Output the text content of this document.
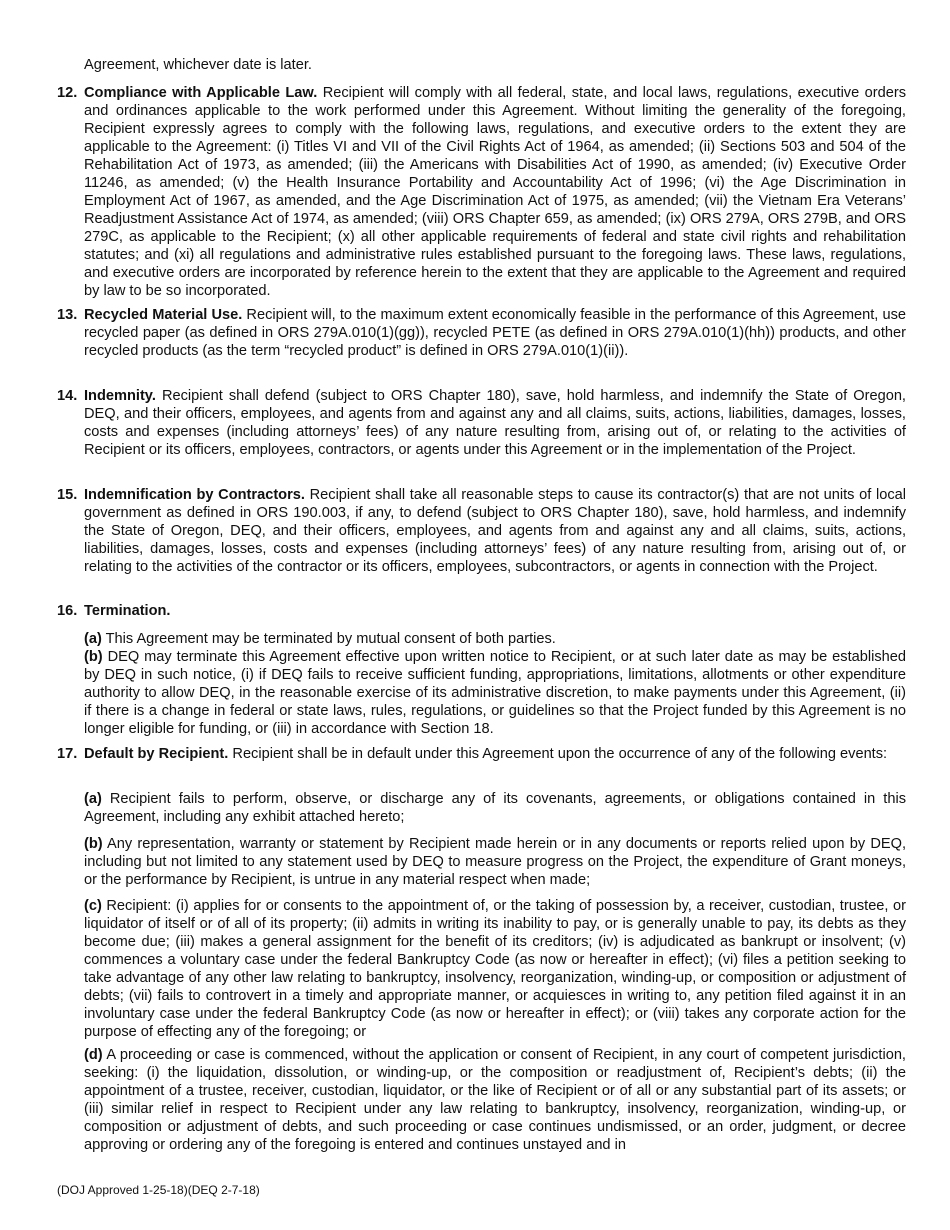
Agreement, whichever date is later.
12. Compliance with Applicable Law. Recipient will comply with all federal, state, and local laws, regulations, executive orders and ordinances applicable to the work performed under this Agreement. Without limiting the generality of the foregoing, Recipient expressly agrees to comply with the following laws, regulations, and executive orders to the extent they are applicable to the Agreement: (i) Titles VI and VII of the Civil Rights Act of 1964, as amended; (ii) Sections 503 and 504 of the Rehabilitation Act of 1973, as amended; (iii) the Americans with Disabilities Act of 1990, as amended; (iv) Executive Order 11246, as amended; (v) the Health Insurance Portability and Accountability Act of 1996; (vi) the Age Discrimination in Employment Act of 1967, as amended, and the Age Discrimination Act of 1975, as amended; (vii) the Vietnam Era Veterans’ Readjustment Assistance Act of 1974, as amended; (viii) ORS Chapter 659, as amended; (ix) ORS 279A, ORS 279B, and ORS 279C, as applicable to the Recipient; (x) all other applicable requirements of federal and state civil rights and rehabilitation statutes; and (xi) all regulations and administrative rules established pursuant to the foregoing laws. These laws, regulations, and executive orders are incorporated by reference herein to the extent that they are applicable to the Agreement and required by law to be so incorporated.
13. Recycled Material Use. Recipient will, to the maximum extent economically feasible in the performance of this Agreement, use recycled paper (as defined in ORS 279A.010(1)(gg)), recycled PETE (as defined in ORS 279A.010(1)(hh)) products, and other recycled products (as the term “recycled product” is defined in ORS 279A.010(1)(ii)).
14. Indemnity. Recipient shall defend (subject to ORS Chapter 180), save, hold harmless, and indemnify the State of Oregon, DEQ, and their officers, employees, and agents from and against any and all claims, suits, actions, liabilities, damages, losses, costs and expenses (including attorneys’ fees) of any nature resulting from, arising out of, or relating to the activities of Recipient or its officers, employees, contractors, or agents under this Agreement or in the implementation of the Project.
15. Indemnification by Contractors. Recipient shall take all reasonable steps to cause its contractor(s) that are not units of local government as defined in ORS 190.003, if any, to defend (subject to ORS Chapter 180), save, hold harmless, and indemnify the State of Oregon, DEQ, and their officers, employees, and agents from and against any and all claims, suits, actions, liabilities, damages, losses, costs and expenses (including attorneys’ fees) of any nature resulting from, arising out of, or relating to the activities of the contractor or its officers, employees, subcontractors, or agents in connection with the Project.
16. Termination.
(a) This Agreement may be terminated by mutual consent of both parties.
(b) DEQ may terminate this Agreement effective upon written notice to Recipient, or at such later date as may be established by DEQ in such notice, (i) if DEQ fails to receive sufficient funding, appropriations, limitations, allotments or other expenditure authority to allow DEQ, in the reasonable exercise of its administrative discretion, to make payments under this Agreement, (ii) if there is a change in federal or state laws, rules, regulations, or guidelines so that the Project funded by this Agreement is no longer eligible for funding, or (iii) in accordance with Section 18.
17. Default by Recipient. Recipient shall be in default under this Agreement upon the occurrence of any of the following events:
(a) Recipient fails to perform, observe, or discharge any of its covenants, agreements, or obligations contained in this Agreement, including any exhibit attached hereto;
(b) Any representation, warranty or statement by Recipient made herein or in any documents or reports relied upon by DEQ, including but not limited to any statement used by DEQ to measure progress on the Project, the expenditure of Grant moneys, or the performance by Recipient, is untrue in any material respect when made;
(c) Recipient: (i) applies for or consents to the appointment of, or the taking of possession by, a receiver, custodian, trustee, or liquidator of itself or of all of its property; (ii) admits in writing its inability to pay, or is generally unable to pay, its debts as they become due; (iii) makes a general assignment for the benefit of its creditors; (iv) is adjudicated as bankrupt or insolvent; (v) commences a voluntary case under the federal Bankruptcy Code (as now or hereafter in effect); (vi) files a petition seeking to take advantage of any other law relating to bankruptcy, insolvency, reorganization, winding-up, or composition or adjustment of debts; (vii) fails to controvert in a timely and appropriate manner, or acquiesces in writing to, any petition filed against it in an involuntary case under the federal Bankruptcy Code (as now or hereafter in effect); or (viii) takes any corporate action for the purpose of effecting any of the foregoing; or
(d) A proceeding or case is commenced, without the application or consent of Recipient, in any court of competent jurisdiction, seeking: (i) the liquidation, dissolution, or winding-up, or the composition or readjustment of, Recipient’s debts; (ii) the appointment of a trustee, receiver, custodian, liquidator, or the like of Recipient or of all or any substantial part of its assets; or (iii) similar relief in respect to Recipient under any law relating to bankruptcy, insolvency, reorganization, winding-up, or composition or adjustment of debts, and such proceeding or case continues undismissed, or an order, judgment, or decree approving or ordering any of the foregoing is entered and continues unstayed and in
(DOJ Approved 1-25-18)(DEQ 2-7-18)
